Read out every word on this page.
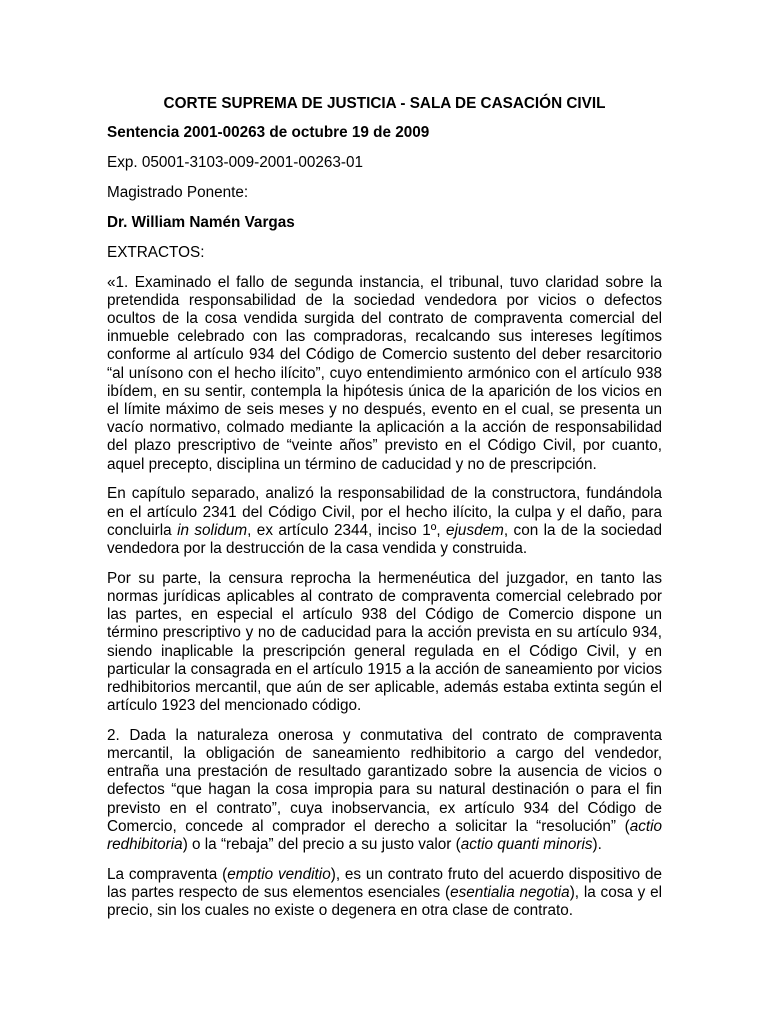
CORTE SUPREMA DE JUSTICIA - SALA DE CASACIÓN CIVIL
Sentencia 2001-00263 de octubre 19 de 2009
Exp. 05001-3103-009-2001-00263-01
Magistrado Ponente:
Dr. William Namén Vargas
EXTRACTOS:

«1. Examinado el fallo de segunda instancia, el tribunal, tuvo claridad sobre la pretendida responsabilidad de la sociedad vendedora por vicios o defectos ocultos de la cosa vendida surgida del contrato de compraventa comercial del inmueble celebrado con las compradoras, recalcando sus intereses legítimos conforme al artículo 934 del Código de Comercio sustento del deber resarcitorio “al unísono con el hecho ilícito”, cuyo entendimiento armónico con el artículo 938 ibídem, en su sentir, contempla la hipótesis única de la aparición de los vicios en el límite máximo de seis meses y no después, evento en el cual, se presenta un vacío normativo, colmado mediante la aplicación a la acción de responsabilidad del plazo prescriptivo de “veinte años” previsto en el Código Civil, por cuanto, aquel precepto, disciplina un término de caducidad y no de prescripción.

En capítulo separado, analizó la responsabilidad de la constructora, fundándola en el artículo 2341 del Código Civil, por el hecho ilícito, la culpa y el daño, para concluirla in solidum, ex artículo 2344, inciso 1º, ejusdem, con la de la sociedad vendedora por la destrucción de la casa vendida y construida.

Por su parte, la censura reprocha la hermenéutica del juzgador, en tanto las normas jurídicas aplicables al contrato de compraventa comercial celebrado por las partes, en especial el artículo 938 del Código de Comercio dispone un término prescriptivo y no de caducidad para la acción prevista en su artículo 934, siendo inaplicable la prescripción general regulada en el Código Civil, y en particular la consagrada en el artículo 1915 a la acción de saneamiento por vicios redhibitorios mercantil, que aún de ser aplicable, además estaba extinta según el artículo 1923 del mencionado código.

2. Dada la naturaleza onerosa y conmutativa del contrato de compraventa mercantil, la obligación de saneamiento redhibitorio a cargo del vendedor, entraña una prestación de resultado garantizado sobre la ausencia de vicios o defectos “que hagan la cosa impropia para su natural destinación o para el fin previsto en el contrato”, cuya inobservancia, ex artículo 934 del Código de Comercio, concede al comprador el derecho a solicitar la “resolución” (actio redhibitoria) o la “rebaja” del precio a su justo valor (actio quanti minoris).

La compraventa (emptio venditio), es un contrato fruto del acuerdo dispositivo de las partes respecto de sus elementos esenciales (esentialia negotia), la cosa y el precio, sin los cuales no existe o degenera en otra clase de contrato.
